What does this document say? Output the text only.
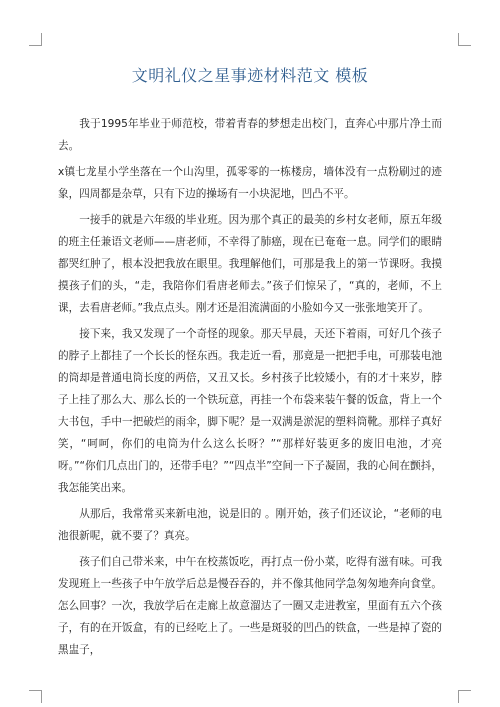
文明礼仪之星事迹材料范文 模板

我于1995年毕业于师范校，带着青春的梦想走出校门，直奔心中那片净土而去。

x镇七龙星小学坐落在一个山沟里，孤零零的一栋楼房，墙体没有一点粉刷过的迹象，四周都是杂草，只有下边的操场有一小块泥地，凹凸不平。

一接手的就是六年级的毕业班。因为那个真正的最美的乡村女老师，原五年级的班主任兼语文老师——唐老师，不幸得了肺癌，现在已奄奄一息。同学们的眼睛都哭红肿了，根本没把我放在眼里。我理解他们，可那是我上的第一节课呀。我摸摸孩子们的头，“走，我陪你们看唐老师去。”孩子们惊呆了，“真的，老师，不上课，去看唐老师。”我点点头。刚才还是泪流满面的小脸如今又一张张地笑开了。

接下来，我又发现了一个奇怪的现象。那天早晨，天还下着雨，可好几个孩子的脖子上都挂了一个长长的怪东西。我走近一看，那竟是一把把手电，可那装电池的筒却是普通电筒长度的两倍，又丑又长。乡村孩子比较矮小，有的才十来岁，脖子上挂了那么大、那么长的一个铁玩意，再挂一个布袋来装午餐的饭盒，背上一个大书包，手中一把破烂的雨伞，脚下呢？是一双满是淤泥的塑料筒靴。那样子真好笑，“呵呵，你们的电筒为什么这么长呀？”“那样好装更多的废旧电池，才亮呀。”“你们几点出门的，还带手电？”“四点半”空间一下子凝固，我的心间在颤抖，我怎能笑出来。

从那后，我常常买来新电池，说是旧的 。刚开始，孩子们还议论，“老师的电池很新呢，就不要了？真亮。

孩子们自己带米来，中午在校蒸饭吃，再打点一份小菜，吃得有滋有味。可我发现班上一些孩子中午放学后总是慢吞吞的，并不像其他同学急匆匆地奔向食堂。怎么回事？一次，我放学后在走廊上故意溜达了一圈又走进教室，里面有五六个孩子，有的在开饭盒，有的已经吃上了。一些是斑驳的凹凸的铁盒，一些是掉了瓷的黑盅子，
